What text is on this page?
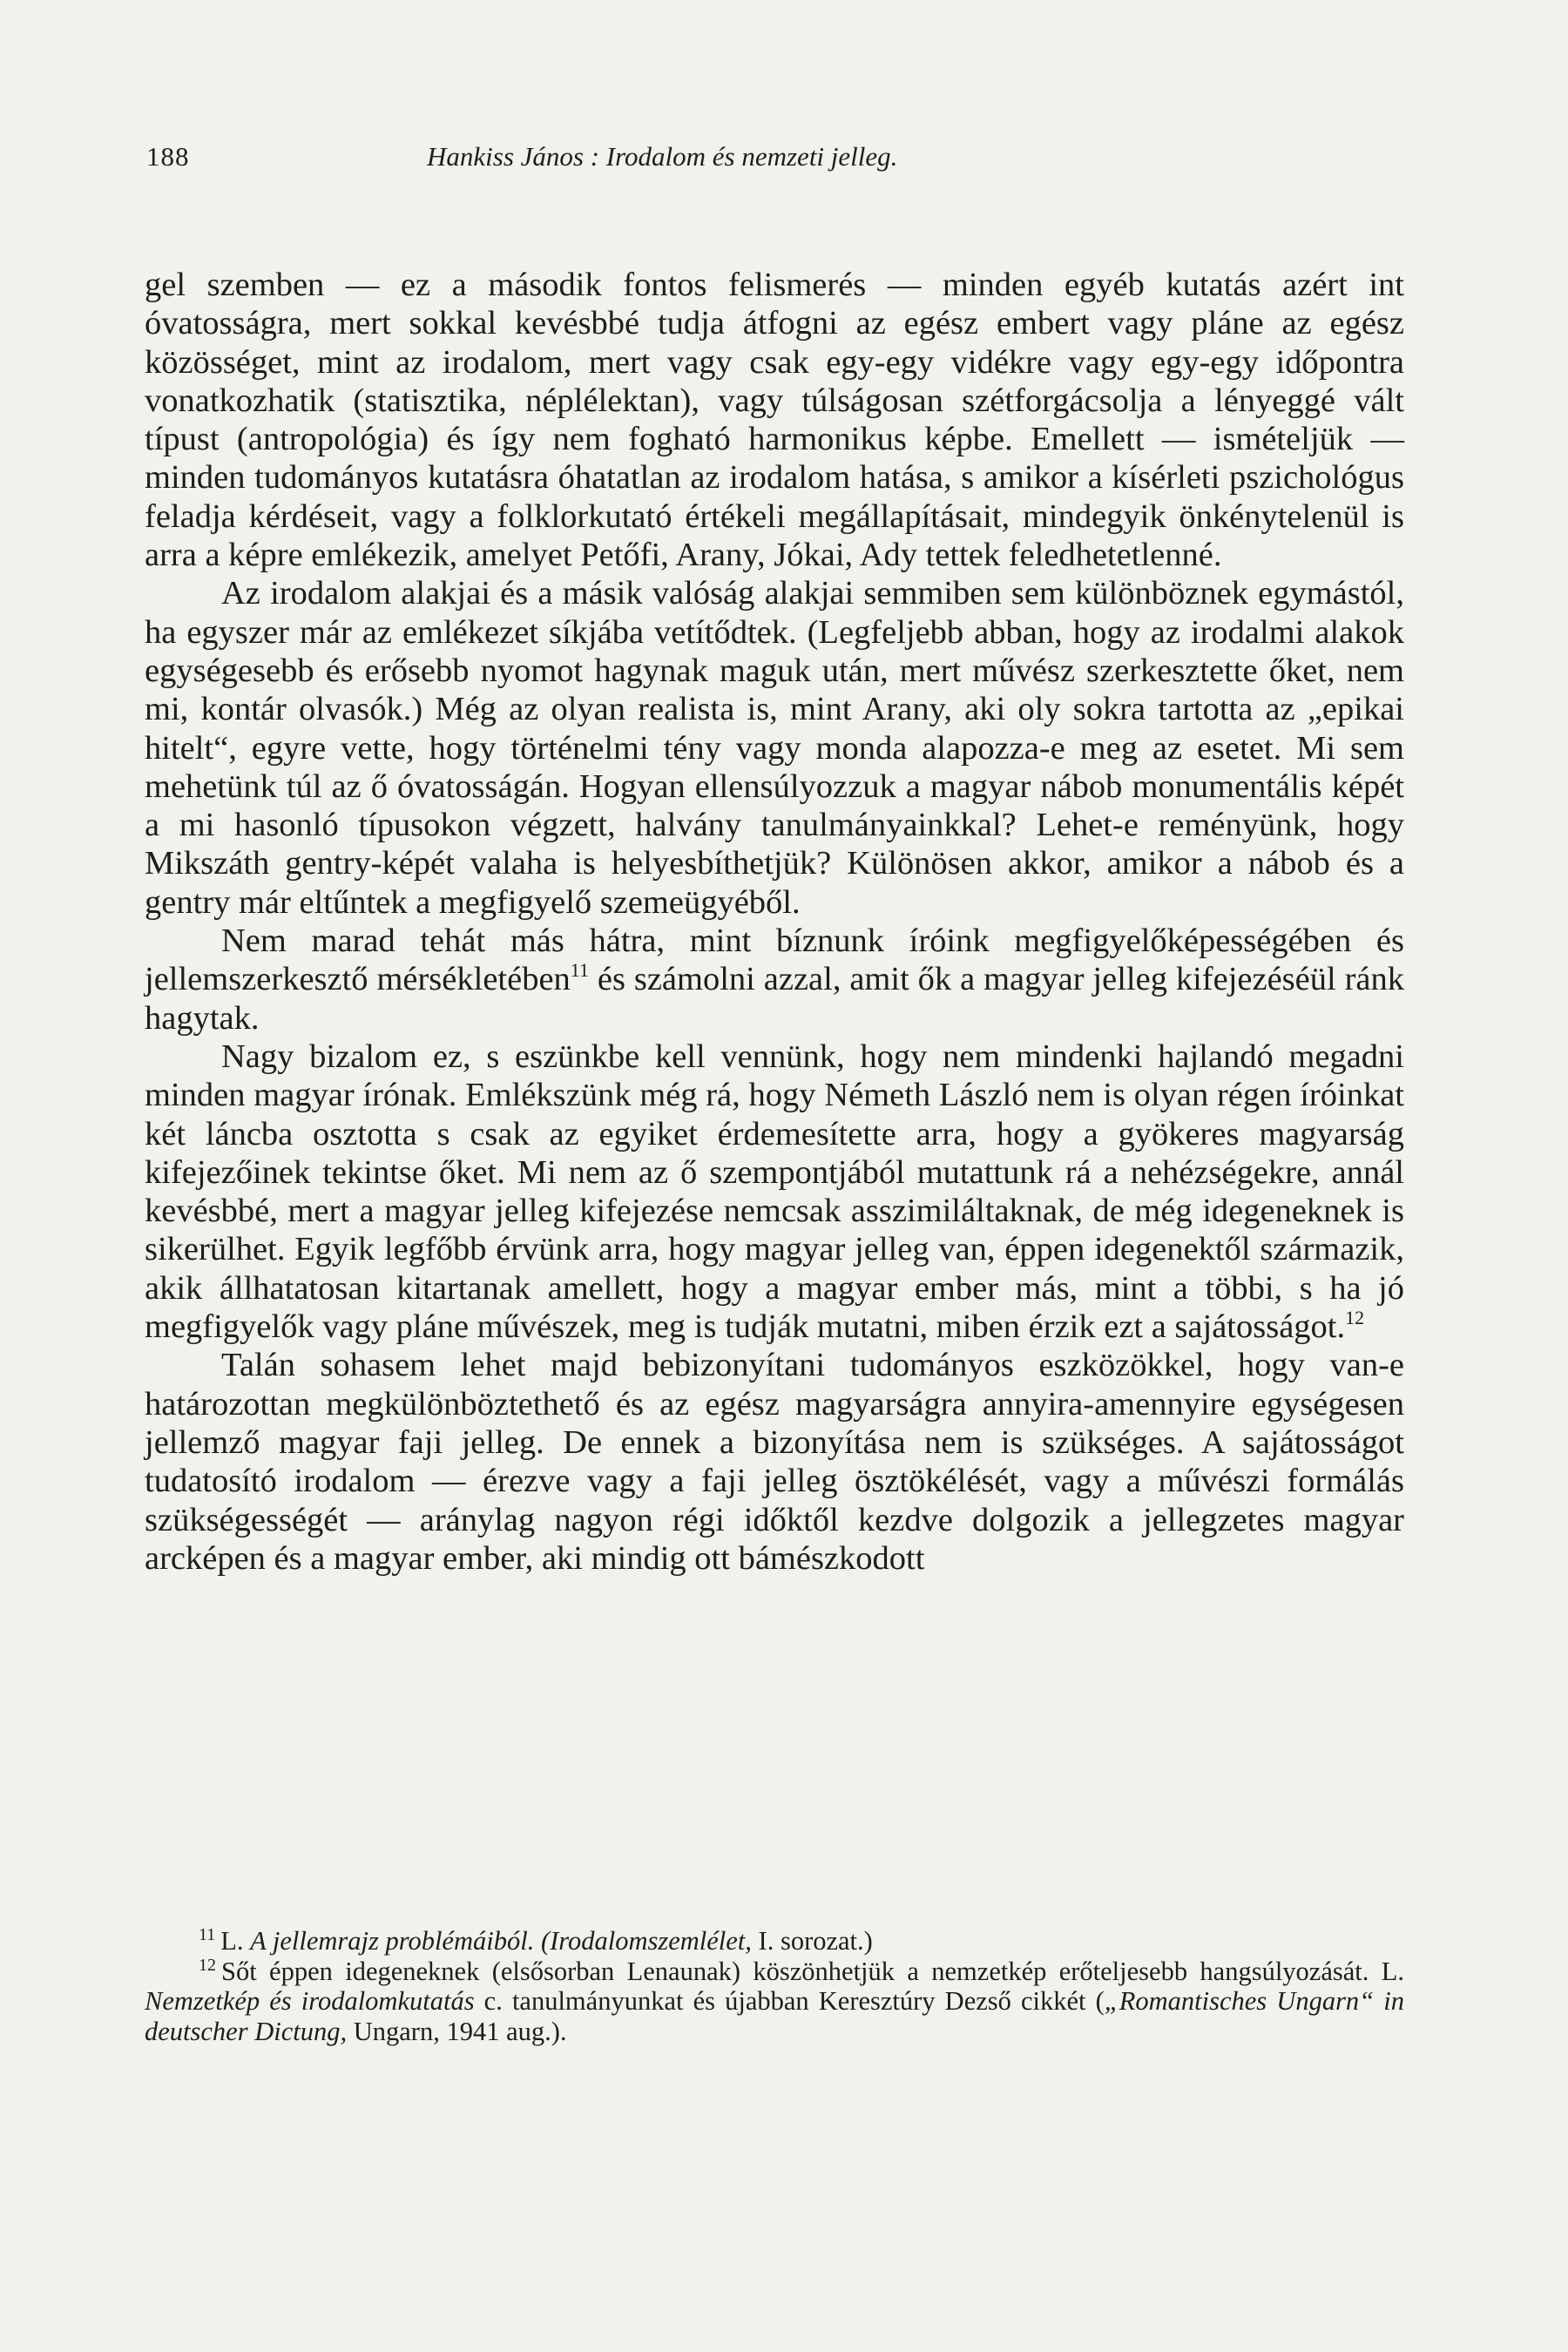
188	Hankiss János : Irodalom és nemzeti jelleg.

gel szemben — ez a második fontos felismerés — minden egyéb kutatás azért int óvatosságra, mert sokkal kevésbbé tudja átfogni az egész embert vagy pláne az egész közösséget, mint az irodalom, mert vagy csak egy-egy vidékre vagy egy-egy időpontra vonatkozhatik (statisztika, néplélektan), vagy túlságosan szétforgácsolja a lényeggé vált típust (antropológia) és így nem fogható harmonikus képbe. Emellett — ismételjük — minden tudományos kutatásra óhatatlan az irodalom hatása, s amikor a kísérleti pszichológus feladja kérdéseit, vagy a folklorkutató értékeli megállapításait, mindegyik önkénytelenül is arra a képre emlékezik, amelyet Petőfi, Arany, Jókai, Ady tettek feledhetetlenné.

Az irodalom alakjai és a másik valóság alakjai semmiben sem különböznek egymástól, ha egyszer már az emlékezet síkjába vetítődtek. (Legfeljebb abban, hogy az irodalmi alakok egységesebb és erősebb nyomot hagynak maguk után, mert művész szerkesztette őket, nem mi, kontár olvasók.) Még az olyan realista is, mint Arany, aki oly sokra tartotta az „epikai hitelt“, egyre vette, hogy történelmi tény vagy monda alapozza-e meg az esetet. Mi sem mehetünk túl az ő óvatosságán. Hogyan ellensúlyozzuk a magyar nábob monumentális képét a mi hasonló típusokon végzett, halvány tanulmányainkkal? Lehet-e reményünk, hogy Mikszáth gentry-képét valaha is helyesbíthetjük? Különösen akkor, amikor a nábob és a gentry már eltűntek a megfigyelő szemeügyéből.

Nem marad tehát más hátra, mint bíznunk íróink megfigyelőképességében és jellemszerkesztő mérsékletében$^{11}$ és számolni azzal, amit ők a magyar jelleg kifejezéséül ránk hagytak.

Nagy bizalom ez, s eszünkbe kell vennünk, hogy nem mindenki hajlandó megadni minden magyar írónak. Emlékszünk még rá, hogy Németh László nem is olyan régen íróinkat két láncba osztotta s csak az egyiket érdemesítette arra, hogy a gyökeres magyarság kifejezőinek tekintse őket. Mi nem az ő szempontjából mutattunk rá a nehézségekre, annál kevésbbé, mert a magyar jelleg kifejezése nemcsak asszimiláltaknak, de még idegeneknek is sikerülhet. Egyik legfőbb érvünk arra, hogy magyar jelleg van, éppen idegenektől származik, akik állhatatosan kitartanak amellett, hogy a magyar ember más, mint a többi, s ha jó megfigyelők vagy pláne művészek, meg is tudják mutatni, miben érzik ezt a sajátosságot.$^{12}$

Talán sohasem lehet majd bebizonyítani tudományos eszközökkel, hogy van-e határozottan megkülönböztethető és az egész magyarságra annyira-amennyire egységesen jellemző magyar faji jelleg. De ennek a bizonyítása nem is szükséges. A sajátosságot tudatosító irodalom — érezve vagy a faji jelleg ösztökélését, vagy a művészi formálás szükségességét — aránylag nagyon régi időktől kezdve dolgozik a jellegzetes magyar arcképen és a magyar ember, aki mindig ott bámészkodott

$^{11}$ L. A jellemrajz problémáiból. (Irodalomszemlélet, I. sorozat.)

$^{12}$ Sőt éppen idegeneknek (elsősorban Lenaunak) köszönhetjük a nemzetkép erőteljesebb hangsúlyozását. L. Nemzetkép és irodalomkutatás c. tanulmányunkat és újabban Keresztúry Dezső cikkét („Romantisches Ungarn“ in deutscher Dictung, Ungarn, 1941 aug.).
